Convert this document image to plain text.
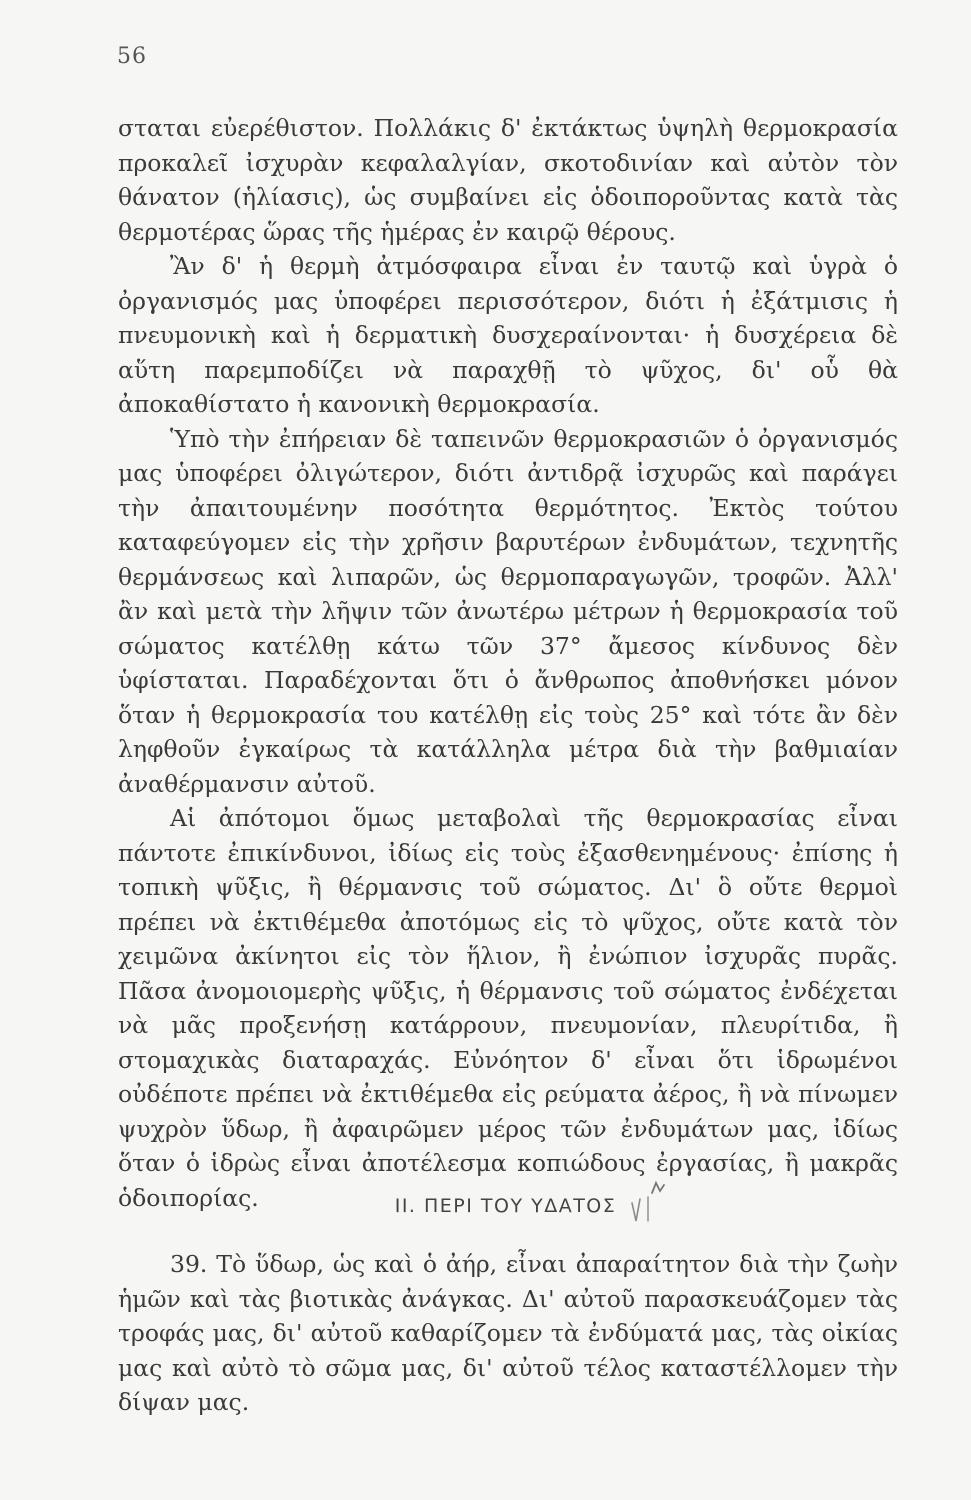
56

σταται εὐερέθιστον. Πολλάκις δ' ἐκτάκτως ὑψηλὴ θερμοκρασία προκαλεῖ ἰσχυρὰν κεφαλαλγίαν, σκοτοδινίαν καὶ αὐτὸν τὸν θάνατον (ἡλίασις), ὡς συμβαίνει εἰς ὁδοιποροῦντας κατὰ τὰς θερμοτέρας ὥρας τῆς ἡμέρας ἐν καιρῷ θέρους.

Ἂν δ' ἡ θερμὴ ἀτμόσφαιρα εἶναι ἐν ταυτῷ καὶ ὑγρὰ ὁ ὀργανισμός μας ὑποφέρει περισσότερον, διότι ἡ ἐξάτμισις ἡ πνευμονικὴ καὶ ἡ δερματικὴ δυσχεραίνονται· ἡ δυσχέρεια δὲ αὕτη παρεμποδίζει νὰ παραχθῇ τὸ ψῦχος, δι' οὗ θὰ ἀποκαθίστατο ἡ κανονικὴ θερμοκρασία.

Ὑπὸ τὴν ἐπήρειαν δὲ ταπεινῶν θερμοκρασιῶν ὁ ὀργανισμός μας ὑποφέρει ὀλιγώτερον, διότι ἀντιδρᾷ ἰσχυρῶς καὶ παράγει τὴν ἀπαιτουμένην ποσότητα θερμότητος. Ἐκτὸς τούτου καταφεύγομεν εἰς τὴν χρῆσιν βαρυτέρων ἐνδυμάτων, τεχνητῆς θερμάνσεως καὶ λιπαρῶν, ὡς θερμοπαραγωγῶν, τροφῶν. Ἀλλ' ἂν καὶ μετὰ τὴν λῆψιν τῶν ἀνωτέρω μέτρων ἡ θερμοκρασία τοῦ σώματος κατέλθῃ κάτω τῶν 37° ἄμεσος κίνδυνος δὲν ὑφίσταται. Παραδέχονται ὅτι ὁ ἄνθρωπος ἀποθνήσκει μόνον ὅταν ἡ θερμοκρασία του κατέλθῃ εἰς τοὺς 25° καὶ τότε ἂν δὲν ληφθοῦν ἐγκαίρως τὰ κατάλληλα μέτρα διὰ τὴν βαθμιαίαν ἀναθέρμανσιν αὐτοῦ.

Αἱ ἀπότομοι ὅμως μεταβολαὶ τῆς θερμοκρασίας εἶναι πάντοτε ἐπικίνδυνοι, ἰδίως εἰς τοὺς ἐξασθενημένους· ἐπίσης ἡ τοπικὴ ψῦξις, ἢ θέρμανσις τοῦ σώματος. Δι' ὃ οὔτε θερμοὶ πρέπει νὰ ἐκτιθέμεθα ἀποτόμως εἰς τὸ ψῦχος, οὔτε κατὰ τὸν χειμῶνα ἀκίνητοι εἰς τὸν ἥλιον, ἢ ἐνώπιον ἰσχυρᾶς πυρᾶς. Πᾶσα ἀνομοιομερὴς ψῦξις, ἡ θέρμανσις τοῦ σώματος ἐνδέχεται νὰ μᾶς προξενήσῃ κατάρρουν, πνευμονίαν, πλευρίτιδα, ἢ στομαχικὰς διαταραχάς. Εὐνόητον δ' εἶναι ὅτι ἱδρωμένοι οὐδέποτε πρέπει νὰ ἐκτιθέμεθα εἰς ρεύματα ἀέρος, ἢ νὰ πίνωμεν ψυχρὸν ὕδωρ, ἢ ἀφαιρῶμεν μέρος τῶν ἐνδυμάτων μας, ἰδίως ὅταν ὁ ἱδρὼς εἶναι ἀποτέλεσμα κοπιώδους ἐργασίας, ἢ μακρᾶς ὁδοιπορίας.	ΙΙ. ΠΕΡΙ ΤΟΥ ΥΔΑΤΟΣ

39. Τὸ ὕδωρ, ὡς καὶ ὁ ἀήρ, εἶναι ἀπαραίτητον διὰ τὴν ζωὴν ἡμῶν καὶ τὰς βιοτικὰς ἀνάγκας. Δι' αὐτοῦ παρασκευάζομεν τὰς τροφάς μας, δι' αὐτοῦ καθαρίζομεν τὰ ἐνδύματά μας, τὰς οἰκίας μας καὶ αὐτὸ τὸ σῶμα μας, δι' αὐτοῦ τέλος καταστέλλομεν τὴν δίψαν μας.
